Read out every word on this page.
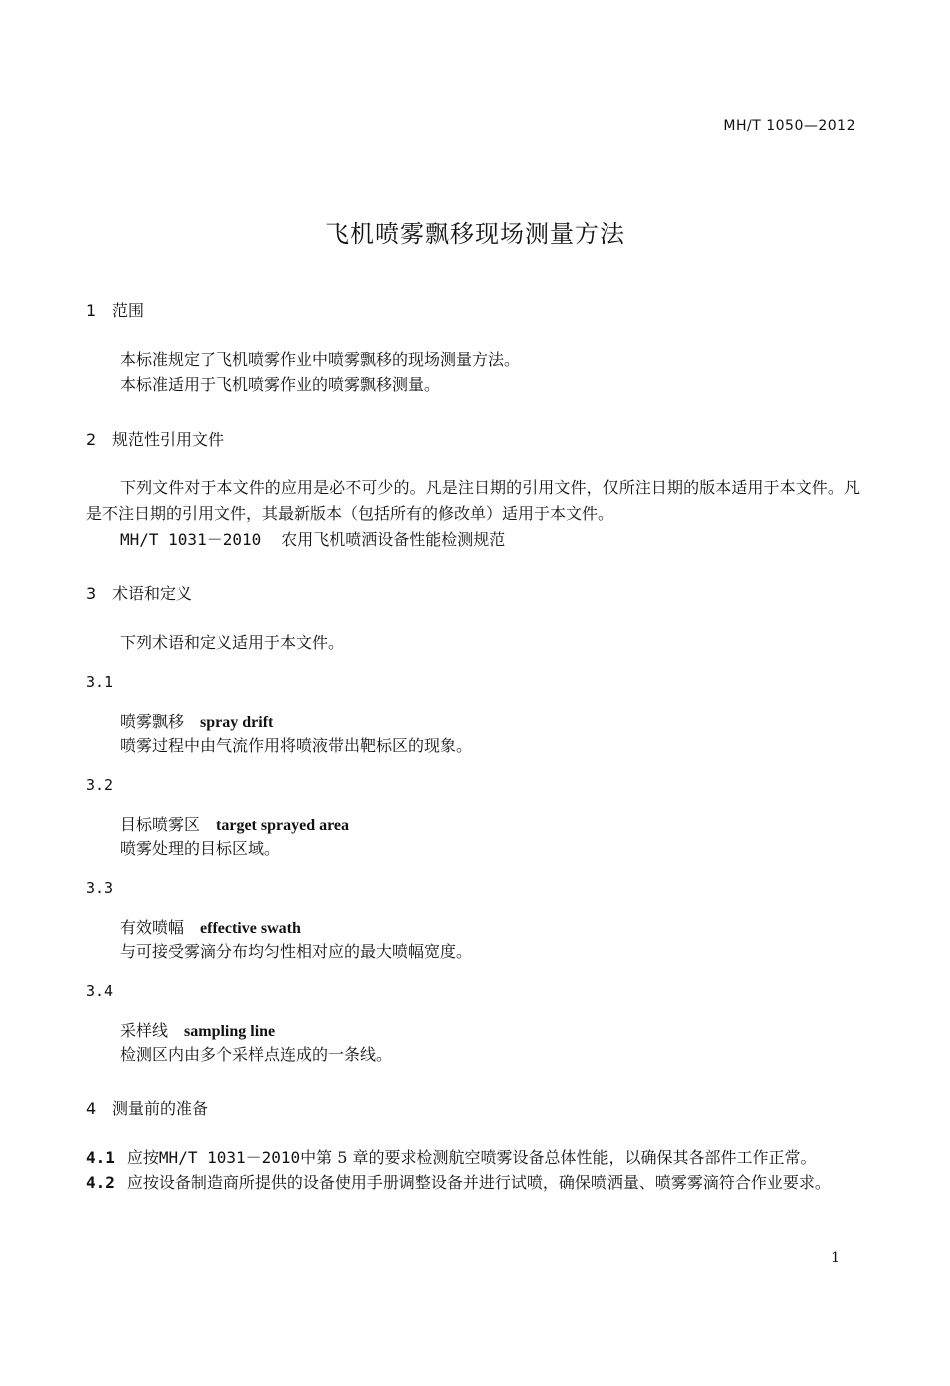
MH/T 1050—2012
飞机喷雾飘移现场测量方法
1 范围
本标准规定了飞机喷雾作业中喷雾飘移的现场测量方法。
本标准适用于飞机喷雾作业的喷雾飘移测量。
2 规范性引用文件
下列文件对于本文件的应用是必不可少的。凡是注日期的引用文件，仅所注日期的版本适用于本文件。凡是不注日期的引用文件，其最新版本（包括所有的修改单）适用于本文件。
MH/T 1031－2010 农用飞机喷洒设备性能检测规范
3 术语和定义
下列术语和定义适用于本文件。
3.1
喷雾飘移 spray drift
喷雾过程中由气流作用将喷液带出靶标区的现象。
3.2
目标喷雾区 target sprayed area
喷雾处理的目标区域。
3.3
有效喷幅 effective swath
与可接受雾滴分布均匀性相对应的最大喷幅宽度。
3.4
采样线 sampling line
检测区内由多个采样点连成的一条线。
4 测量前的准备
4.1 应按MH/T 1031－2010中第 5 章的要求检测航空喷雾设备总体性能，以确保其各部件工作正常。
4.2 应按设备制造商所提供的设备使用手册调整设备并进行试喷，确保喷洒量、喷雾雾滴符合作业要求。
1
